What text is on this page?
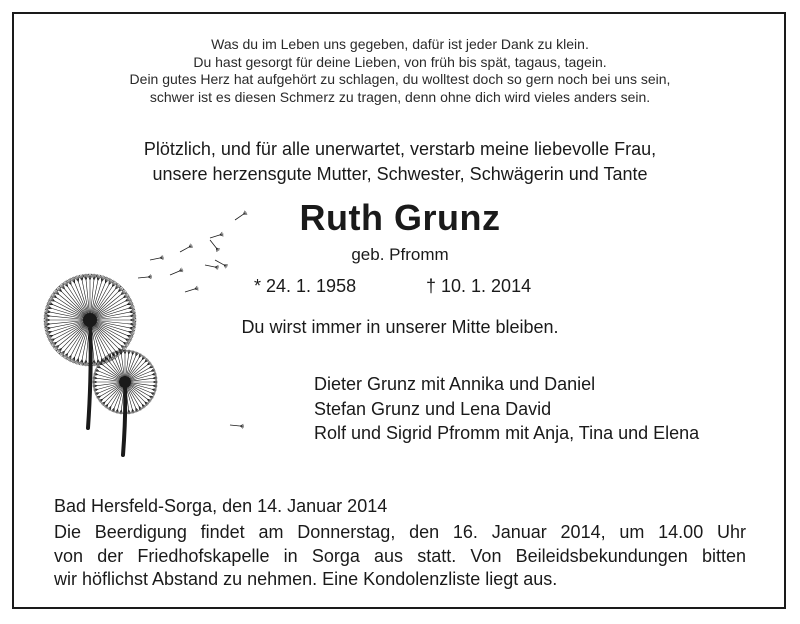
Was du im Leben uns gegeben, dafür ist jeder Dank zu klein.
Du hast gesorgt für deine Lieben, von früh bis spät, tagaus, tagein.
Dein gutes Herz hat aufgehört zu schlagen, du wolltest doch so gern noch bei uns sein,
schwer ist es diesen Schmerz zu tragen, denn ohne dich wird vieles anders sein.
Plötzlich, und für alle unerwartet, verstarb meine liebevolle Frau,
unsere herzensgute Mutter, Schwester, Schwägerin und Tante
Ruth Grunz
geb. Pfromm
* 24. 1. 1958	† 10. 1. 2014
Du wirst immer in unserer Mitte bleiben.
Dieter Grunz mit Annika und Daniel
Stefan Grunz und Lena David
Rolf und Sigrid Pfromm mit Anja, Tina und Elena
Bad Hersfeld-Sorga, den 14. Januar 2014
Die Beerdigung findet am Donnerstag, den 16. Januar 2014, um 14.00 Uhr
von der Friedhofskapelle in Sorga aus statt. Von Beileidsbekundungen bitten
wir höflichst Abstand zu nehmen. Eine Kondolenzliste liegt aus.
